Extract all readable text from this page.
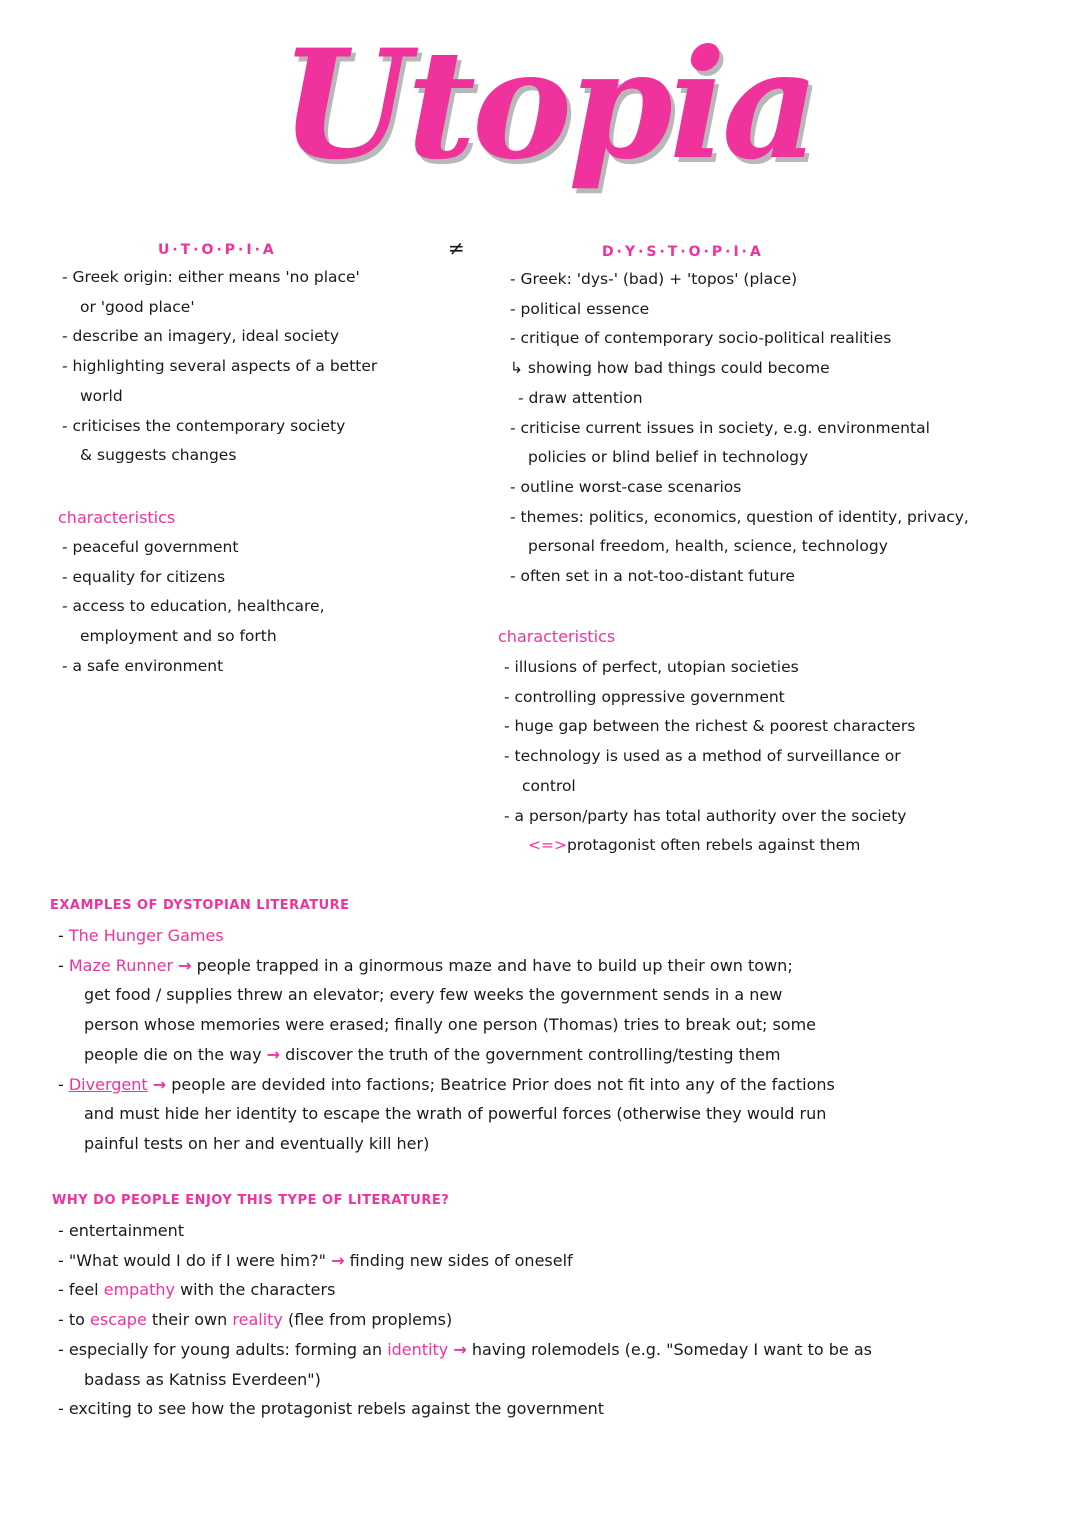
Utopia
U·T·O·P·I·A	≠
- Greek origin: either means 'no place'
or 'good place'
- describe an imagery, ideal society
- highlighting several aspects of a better
world
- criticises the contemporary society
& suggests changes
characteristics
- peaceful government
- equality for citizens
- access to education, healthcare,
employment and so forth
- a safe environment
D·Y·S·T·O·P·I·A
- Greek: 'dys-' (bad) + 'topos' (place)
- political essence
- critique of contemporary socio-political realities
↳ showing how bad things could become
- draw attention
- criticise current issues in society, e.g. environmental
policies or blind belief in technology
- outline worst-case scenarios
- themes: politics, economics, question of identity, privacy,
personal freedom, health, science, technology
- often set in a not-too-distant future
characteristics
- illusions of perfect, utopian societies
- controlling oppressive government
- huge gap between the richest & poorest characters
- technology is used as a method of surveillance or
control
- a person/party has total authority over the society
<=>protagonist often rebels against them
EXAMPLES OF DYSTOPIAN LITERATURE
- The Hunger Games
- Maze Runner → people trapped in a ginormous maze and have to build up their own town;
get food / supplies threw an elevator; every few weeks the government sends in a new
person whose memories were erased; finally one person (Thomas) tries to break out; some
people die on the way → discover the truth of the government controlling/testing them
- Divergent → people are devided into factions; Beatrice Prior does not fit into any of the factions
and must hide her identity to escape the wrath of powerful forces (otherwise they would run
painful tests on her and eventually kill her)
WHY DO PEOPLE ENJOY THIS TYPE OF LITERATURE?
- entertainment
- "What would I do if I were him?" → finding new sides of oneself
- feel empathy with the characters
- to escape their own reality (flee from proplems)
- especially for young adults: forming an identity → having rolemodels (e.g. "Someday I want to be as
badass as Katniss Everdeen")
- exciting to see how the protagonist rebels against the government
